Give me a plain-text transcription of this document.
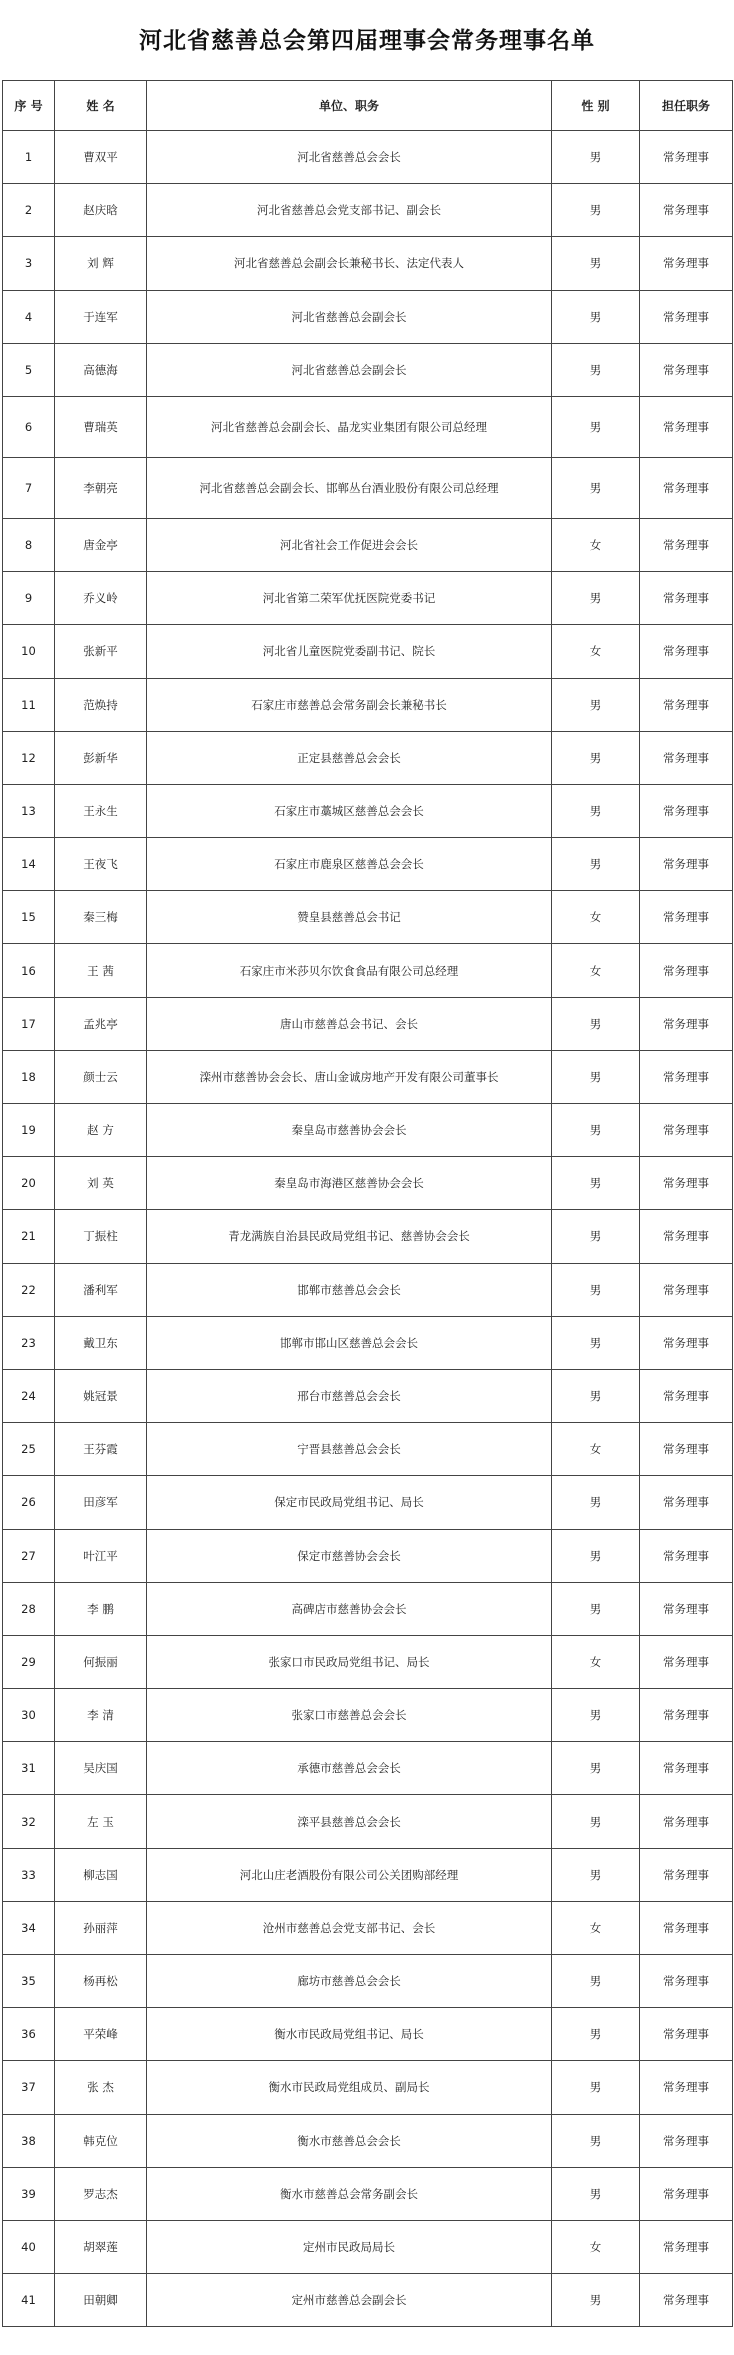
河北省慈善总会第四届理事会常务理事名单
序 号	姓 名	单位、职务	性 别	担任职务
1	曹双平	河北省慈善总会会长	男	常务理事
2	赵庆晗	河北省慈善总会党支部书记、副会长	男	常务理事
3	刘 辉	河北省慈善总会副会长兼秘书长、法定代表人	男	常务理事
4	于连军	河北省慈善总会副会长	男	常务理事
5	高德海	河北省慈善总会副会长	男	常务理事
6	曹瑞英	河北省慈善总会副会长、晶龙实业集团有限公司总经理	男	常务理事
7	李朝亮	河北省慈善总会副会长、邯郸丛台酒业股份有限公司总经理	男	常务理事
8	唐金亭	河北省社会工作促进会会长	女	常务理事
9	乔义岭	河北省第二荣军优抚医院党委书记	男	常务理事
10	张新平	河北省儿童医院党委副书记、院长	女	常务理事
11	范焕持	石家庄市慈善总会常务副会长兼秘书长	男	常务理事
12	彭新华	正定县慈善总会会长	男	常务理事
13	王永生	石家庄市藁城区慈善总会会长	男	常务理事
14	王夜飞	石家庄市鹿泉区慈善总会会长	男	常务理事
15	秦三梅	赞皇县慈善总会书记	女	常务理事
16	王 茜	石家庄市米莎贝尔饮食食品有限公司总经理	女	常务理事
17	孟兆亭	唐山市慈善总会书记、会长	男	常务理事
18	颜士云	滦州市慈善协会会长、唐山金诚房地产开发有限公司董事长	男	常务理事
19	赵 方	秦皇岛市慈善协会会长	男	常务理事
20	刘 英	秦皇岛市海港区慈善协会会长	男	常务理事
21	丁振柱	青龙满族自治县民政局党组书记、慈善协会会长	男	常务理事
22	潘利军	邯郸市慈善总会会长	男	常务理事
23	戴卫东	邯郸市邯山区慈善总会会长	男	常务理事
24	姚冠景	邢台市慈善总会会长	男	常务理事
25	王芬霞	宁晋县慈善总会会长	女	常务理事
26	田彦军	保定市民政局党组书记、局长	男	常务理事
27	叶江平	保定市慈善协会会长	男	常务理事
28	李 鹏	高碑店市慈善协会会长	男	常务理事
29	何振丽	张家口市民政局党组书记、局长	女	常务理事
30	李 清	张家口市慈善总会会长	男	常务理事
31	吴庆国	承德市慈善总会会长	男	常务理事
32	左 玉	滦平县慈善总会会长	男	常务理事
33	柳志国	河北山庄老酒股份有限公司公关团购部经理	男	常务理事
34	孙丽萍	沧州市慈善总会党支部书记、会长	女	常务理事
35	杨再松	廊坊市慈善总会会长	男	常务理事
36	平荣峰	衡水市民政局党组书记、局长	男	常务理事
37	张 杰	衡水市民政局党组成员、副局长	男	常务理事
38	韩克位	衡水市慈善总会会长	男	常务理事
39	罗志杰	衡水市慈善总会常务副会长	男	常务理事
40	胡翠莲	定州市民政局局长	女	常务理事
41	田朝卿	定州市慈善总会副会长	男	常务理事
